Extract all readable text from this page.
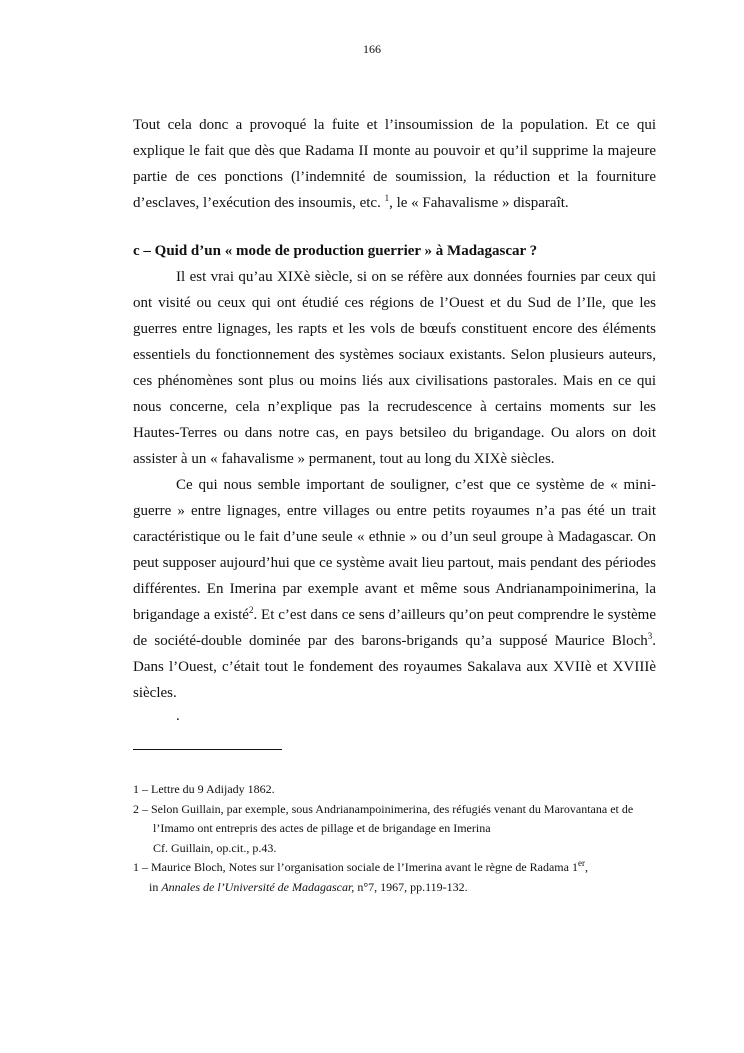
166

Tout cela donc a provoqué la fuite et l’insoumission de la population. Et ce qui explique le fait que dès que Radama II monte au pouvoir et qu’il supprime la majeure partie de ces ponctions (l’indemnité de soumission, la réduction et la fourniture d’esclaves, l’exécution des insoumis, etc. $^1$, le « Fahavalisme » disparaît.

c – Quid d’un « mode de production guerrier » à Madagascar ?

Il est vrai qu’au XIXè siècle, si on se réfère aux données fournies par ceux qui ont visité ou ceux qui ont étudié ces régions de l’Ouest et du Sud de l’Ile, que les guerres entre lignages, les rapts et les vols de bœufs constituent encore des éléments essentiels du fonctionnement des systèmes sociaux existants. Selon plusieurs auteurs, ces phénomènes sont plus ou moins liés aux civilisations pastorales. Mais en ce qui nous concerne, cela n’explique pas la recrudescence à certains moments sur les Hautes-Terres ou dans notre cas, en pays betsileo du brigandage. Ou alors on doit assister à un « fahavalisme » permanent, tout au long du XIXè siècles.

Ce qui nous semble important de souligner, c’est que ce système de « mini-guerre » entre lignages, entre villages ou entre petits royaumes n’a pas été un trait caractéristique ou le fait d’une seule « ethnie » ou d’un seul groupe à Madagascar. On peut supposer aujourd’hui que ce système avait lieu partout, mais pendant des périodes différentes. En Imerina par exemple avant et même sous Andrianampoinimerina, la brigandage a existé$^2$. Et c’est dans ce sens d’ailleurs qu’on peut comprendre le système de société-double dominée par des barons-brigands qu’a supposé Maurice Bloch$^3$. Dans l’Ouest, c’était tout le fondement des royaumes Sakalava aux XVIIè et XVIIIè siècles.

.

1 – Lettre du 9 Adijady 1862.

2 – Selon Guillain, par exemple, sous Andrianampoinimerina, des réfugiés venant du Marovantana et de

l’Imamo ont entrepris des actes de pillage et de brigandage en Imerina

Cf. Guillain, op.cit., p.43.

1 – Maurice Bloch, Notes sur l’organisation sociale de l’Imerina avant le règne de Radama 1er,

in Annales de l’Université de Madagascar, n°7, 1967, pp.119-132.
